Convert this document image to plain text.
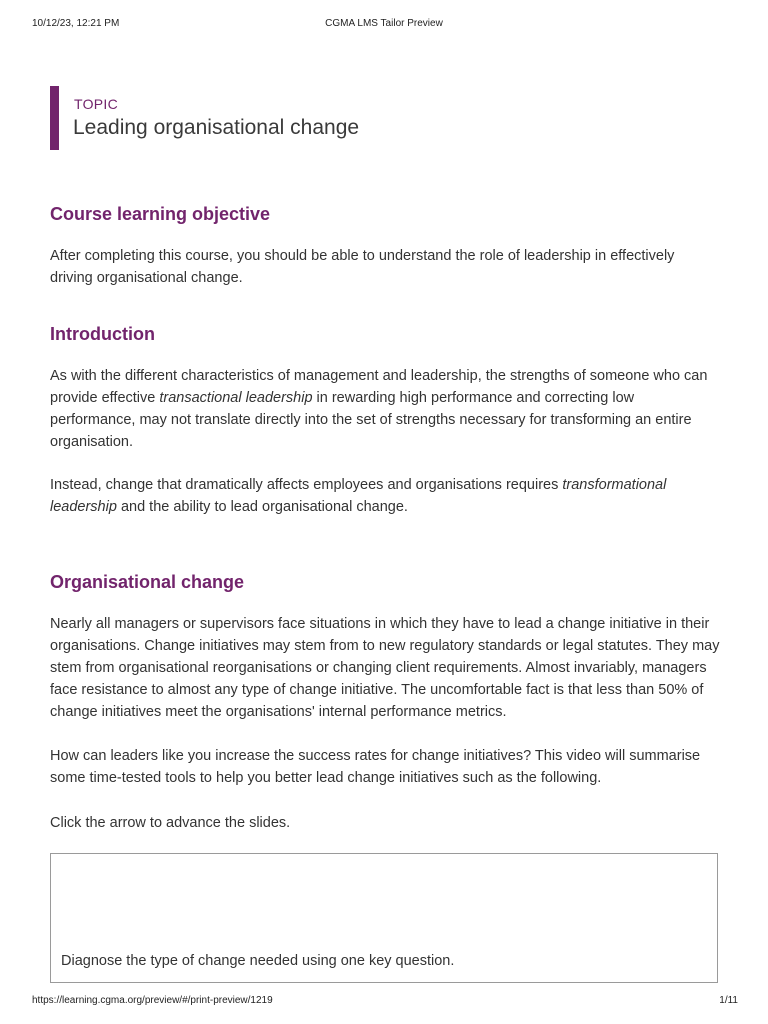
10/12/23, 12:21 PM	CGMA LMS Tailor Preview
TOPIC
Leading organisational change
Course learning objective

After completing this course, you should be able to understand the role of leadership in effectively driving organisational change.

Introduction

As with the different characteristics of management and leadership, the strengths of someone who can provide effective transactional leadership in rewarding high performance and correcting low performance, may not translate directly into the set of strengths necessary for transforming an entire organisation.

Instead, change that dramatically affects employees and organisations requires transformational leadership and the ability to lead organisational change.

Organisational change

Nearly all managers or supervisors face situations in which they have to lead a change initiative in their organisations. Change initiatives may stem from to new regulatory standards or legal statutes. They may stem from organisational reorganisations or changing client requirements. Almost invariably, managers face resistance to almost any type of change initiative. The uncomfortable fact is that less than 50% of change initiatives meet the organisations' internal performance metrics.

How can leaders like you increase the success rates for change initiatives? This video will summarise some time-tested tools to help you better lead change initiatives such as the following.

Click the arrow to advance the slides.

Diagnose the type of change needed using one key question.
https://learning.cgma.org/preview/#/print-preview/1219	1/11
